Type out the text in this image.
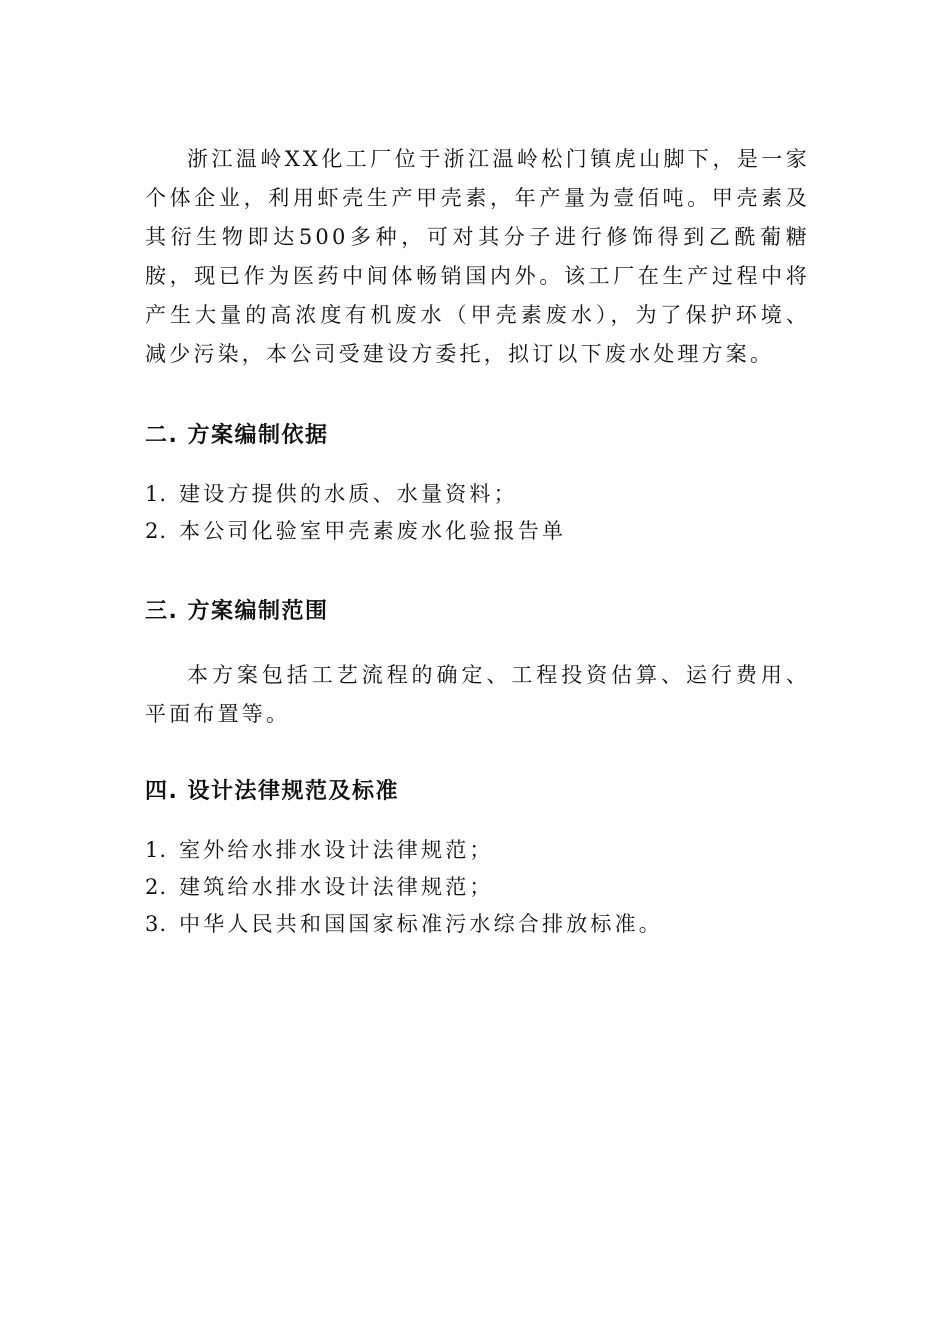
浙江温岭XX化工厂位于浙江温岭松门镇虎山脚下，是一家个体企业，利用虾壳生产甲壳素，年产量为壹佰吨。甲壳素及其衍生物即达500多种，可对其分子进行修饰得到乙酰葡糖胺，现已作为医药中间体畅销国内外。该工厂在生产过程中将产生大量的高浓度有机废水（甲壳素废水），为了保护环境、减少污染，本公司受建设方委托，拟订以下废水处理方案。

二. 方案编制依据
1. 建设方提供的水质、水量资料；
2. 本公司化验室甲壳素废水化验报告单
三. 方案编制范围

本方案包括工艺流程的确定、工程投资估算、运行费用、平面布置等。

四. 设计法律规范及标准
1. 室外给水排水设计法律规范；
2. 建筑给水排水设计法律规范；
3. 中华人民共和国国家标准污水综合排放标准。
